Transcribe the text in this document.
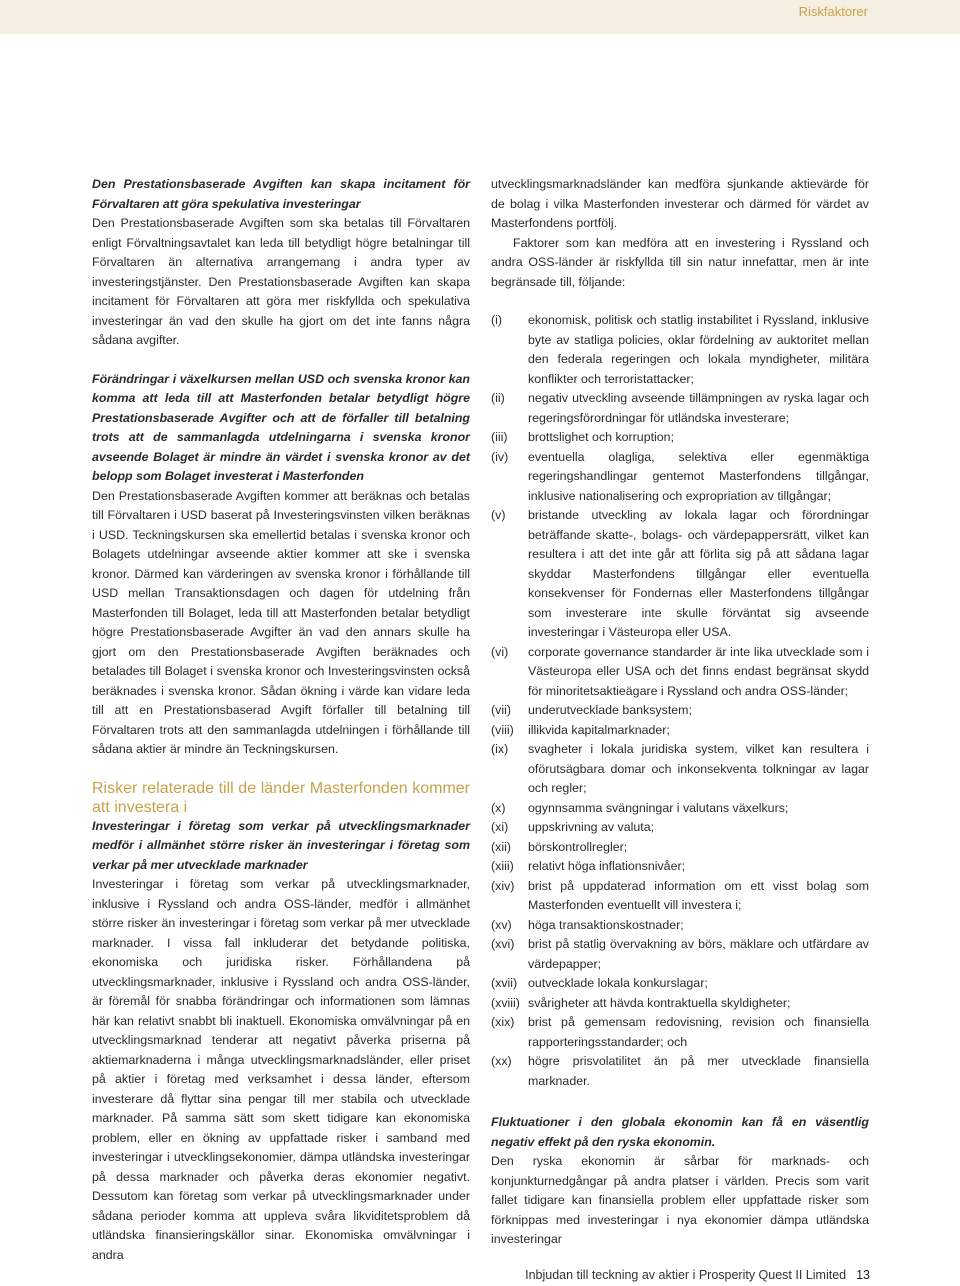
Riskfaktorer

Den Prestationsbaserade Avgiften kan skapa incitament för Förvaltaren att göra spekulativa investeringar

Den Prestationsbaserade Avgiften som ska betalas till Förvaltaren enligt Förvaltningsavtalet kan leda till betydligt högre betalningar till Förvaltaren än alternativa arrangemang i andra typer av investeringstjänster. Den Prestationsbaserade Avgiften kan skapa incitament för Förvaltaren att göra mer riskfyllda och spekulativa investeringar än vad den skulle ha gjort om det inte fanns några sådana avgifter.

Förändringar i växelkursen mellan USD och svenska kronor kan komma att leda till att Masterfonden betalar betydligt högre Prestationsbaserade Avgifter och att de förfaller till betalning trots att de sammanlagda utdelningarna i svenska kronor avseende Bolaget är mindre än värdet i svenska kronor av det belopp som Bolaget investerat i Masterfonden

Den Prestationsbaserade Avgiften kommer att beräknas och betalas till Förvaltaren i USD baserat på Investeringsvinsten vilken beräknas i USD. Teckningskursen ska emellertid betalas i svenska kronor och Bolagets utdelningar avseende aktier kommer att ske i svenska kronor. Därmed kan värderingen av svenska kronor i förhållande till USD mellan Transaktionsdagen och dagen för utdelning från Masterfonden till Bolaget, leda till att Masterfonden betalar betydligt högre Prestationsbaserade Avgifter än vad den annars skulle ha gjort om den Prestationsbaserade Avgiften beräknades och betalades till Bolaget i svenska kronor och Investeringsvinsten också beräknades i svenska kronor. Sådan ökning i värde kan vidare leda till att en Prestationsbaserad Avgift förfaller till betalning till Förvaltaren trots att den sammanlagda utdelningen i förhållande till sådana aktier är mindre än Teckningskursen.

Risker relaterade till de länder Masterfonden kommer att investera i

Investeringar i företag som verkar på utvecklingsmarknader medför i allmänhet större risker än investeringar i företag som verkar på mer utvecklade marknader

Investeringar i företag som verkar på utvecklingsmarknader, inklusive i Ryssland och andra OSS-länder, medför i allmänhet större risker än investeringar i företag som verkar på mer utvecklade marknader. I vissa fall inkluderar det betydande politiska, ekonomiska och juridiska risker. Förhållandena på utvecklingsmarknader, inklusive i Ryssland och andra OSS-länder, är föremål för snabba förändringar och informationen som lämnas här kan relativt snabbt bli inaktuell. Ekonomiska omvälvningar på en utvecklingsmarknad tenderar att negativt påverka priserna på aktiemarknaderna i många utvecklingsmarknadsländer, eller priset på aktier i företag med verksamhet i dessa länder, eftersom investerare då flyttar sina pengar till mer stabila och utvecklade marknader. På samma sätt som skett tidigare kan ekonomiska problem, eller en ökning av uppfattade risker i samband med investeringar i utvecklingsekonomier, dämpa utländska investeringar på dessa marknader och påverka deras ekonomier negativt. Dessutom kan företag som verkar på utvecklingsmarknader under sådana perioder komma att uppleva svåra likviditetsproblem då utländska finansieringskällor sinar. Ekonomiska omvälvningar i andra

utvecklingsmarknadsländer kan medföra sjunkande aktievärde för de bolag i vilka Masterfonden investerar och därmed för värdet av Masterfondens portfölj.

Faktorer som kan medföra att en investering i Ryssland och andra OSS-länder är riskfyllda till sin natur innefattar, men är inte begränsade till, följande:

(i)	ekonomisk, politisk och statlig instabilitet i Ryssland, inklusive byte av statliga policies, oklar fördelning av auktoritet mellan den federala regeringen och lokala myndigheter, militära konflikter och terroristattacker;
(ii)	negativ utveckling avseende tillämpningen av ryska lagar och regeringsförordningar för utländska investerare;
(iii)	brottslighet och korruption;
(iv)	eventuella olagliga, selektiva eller egenmäktiga regeringshandlingar gentemot Masterfondens tillgångar, inklusive nationalisering och expropriation av tillgångar;
(v)	bristande utveckling av lokala lagar och förordningar beträffande skatte-, bolags- och värdepappersrätt, vilket kan resultera i att det inte går att förlita sig på att sådana lagar skyddar Masterfondens tillgångar eller eventuella konsekvenser för Fondernas eller Masterfondens tillgångar som investerare inte skulle förväntat sig avseende investeringar i Västeuropa eller USA.
(vi)	corporate governance standarder är inte lika utvecklade som i Västeuropa eller USA och det finns endast begränsat skydd för minoritetsaktieägare i Ryssland och andra OSS-länder;
(vii)	underutvecklade banksystem;
(viii)	illikvida kapitalmarknader;
(ix)	svagheter i lokala juridiska system, vilket kan resultera i oförutsägbara domar och inkonsekventa tolkningar av lagar och regler;
(x)	ogynnsamma svängningar i valutans växelkurs;
(xi)	uppskrivning av valuta;
(xii)	börskontrollregler;
(xiii)	relativt höga inflationsnivåer;
(xiv)	brist på uppdaterad information om ett visst bolag som Masterfonden eventuellt vill investera i;
(xv)	höga transaktionskostnader;
(xvi)	brist på statlig övervakning av börs, mäklare och utfärdare av värdepapper;
(xvii) outvecklade lokala konkurslagar;
(xviii) svårigheter att hävda kontraktuella skyldigheter;
(xix)	brist på gemensam redovisning, revision och finansiella rapporteringsstandarder; och
(xx)	högre prisvolatilitet än på mer utvecklade finansiella marknader.

Fluktuationer i den globala ekonomin kan få en väsentlig negativ effekt på den ryska ekonomin.

Den ryska ekonomin är sårbar för marknads- och konjunkturnedgångar på andra platser i världen. Precis som varit fallet tidigare kan finansiella problem eller uppfattade risker som förknippas med investeringar i nya ekonomier dämpa utländska investeringar

Inbjudan till teckning av aktier i Prosperity Quest II Limited 13
